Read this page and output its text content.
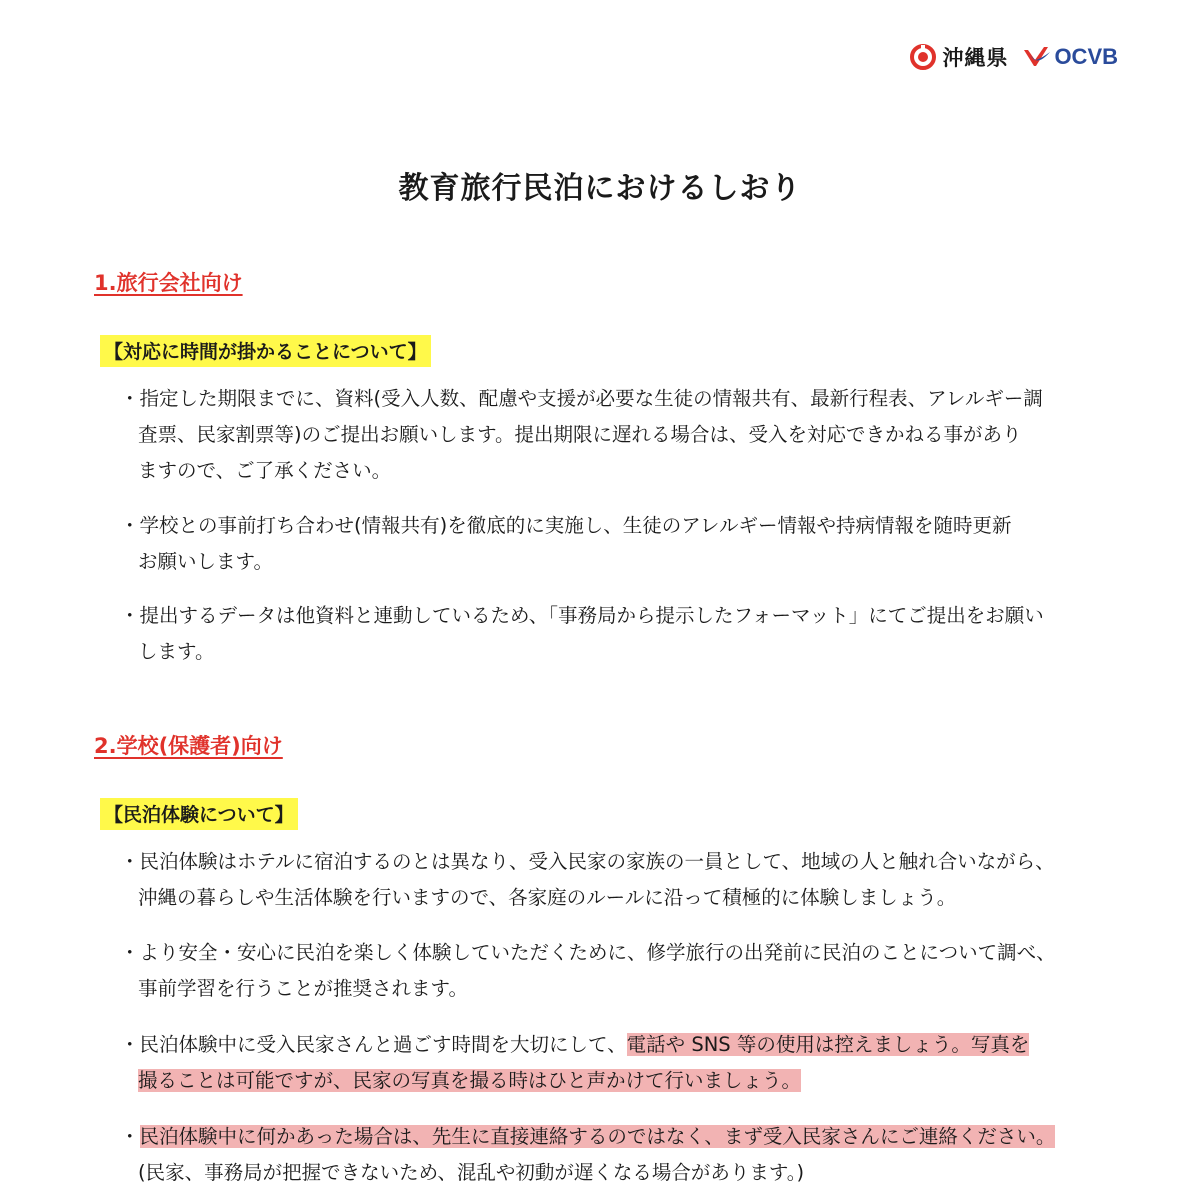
沖縄県 OCVB
教育旅行民泊におけるしおり
1.旅行会社向け
【対応に時間が掛かることについて】
・指定した期限までに、資料(受入人数、配慮や支援が必要な生徒の情報共有、最新行程表、アレルギー調
査票、民家割票等)のご提出お願いします。提出期限に遅れる場合は、受入を対応できかねる事があり
ますので、ご了承ください。
・学校との事前打ち合わせ(情報共有)を徹底的に実施し、生徒のアレルギー情報や持病情報を随時更新
お願いします。
・提出するデータは他資料と連動しているため、「事務局から提示したフォーマット」にてご提出をお願い
します。
2.学校(保護者)向け
【民泊体験について】
・民泊体験はホテルに宿泊するのとは異なり、受入民家の家族の一員として、地域の人と触れ合いながら、
沖縄の暮らしや生活体験を行いますので、各家庭のルールに沿って積極的に体験しましょう。
・より安全・安心に民泊を楽しく体験していただくために、修学旅行の出発前に民泊のことについて調べ、
事前学習を行うことが推奨されます。
・民泊体験中に受入民家さんと過ごす時間を大切にして、電話や SNS 等の使用は控えましょう。写真を
撮ることは可能ですが、民家の写真を撮る時はひと声かけて行いましょう。
・民泊体験中に何かあった場合は、先生に直接連絡するのではなく、まず受入民家さんにご連絡ください。
(民家、事務局が把握できないため、混乱や初動が遅くなる場合があります。)
